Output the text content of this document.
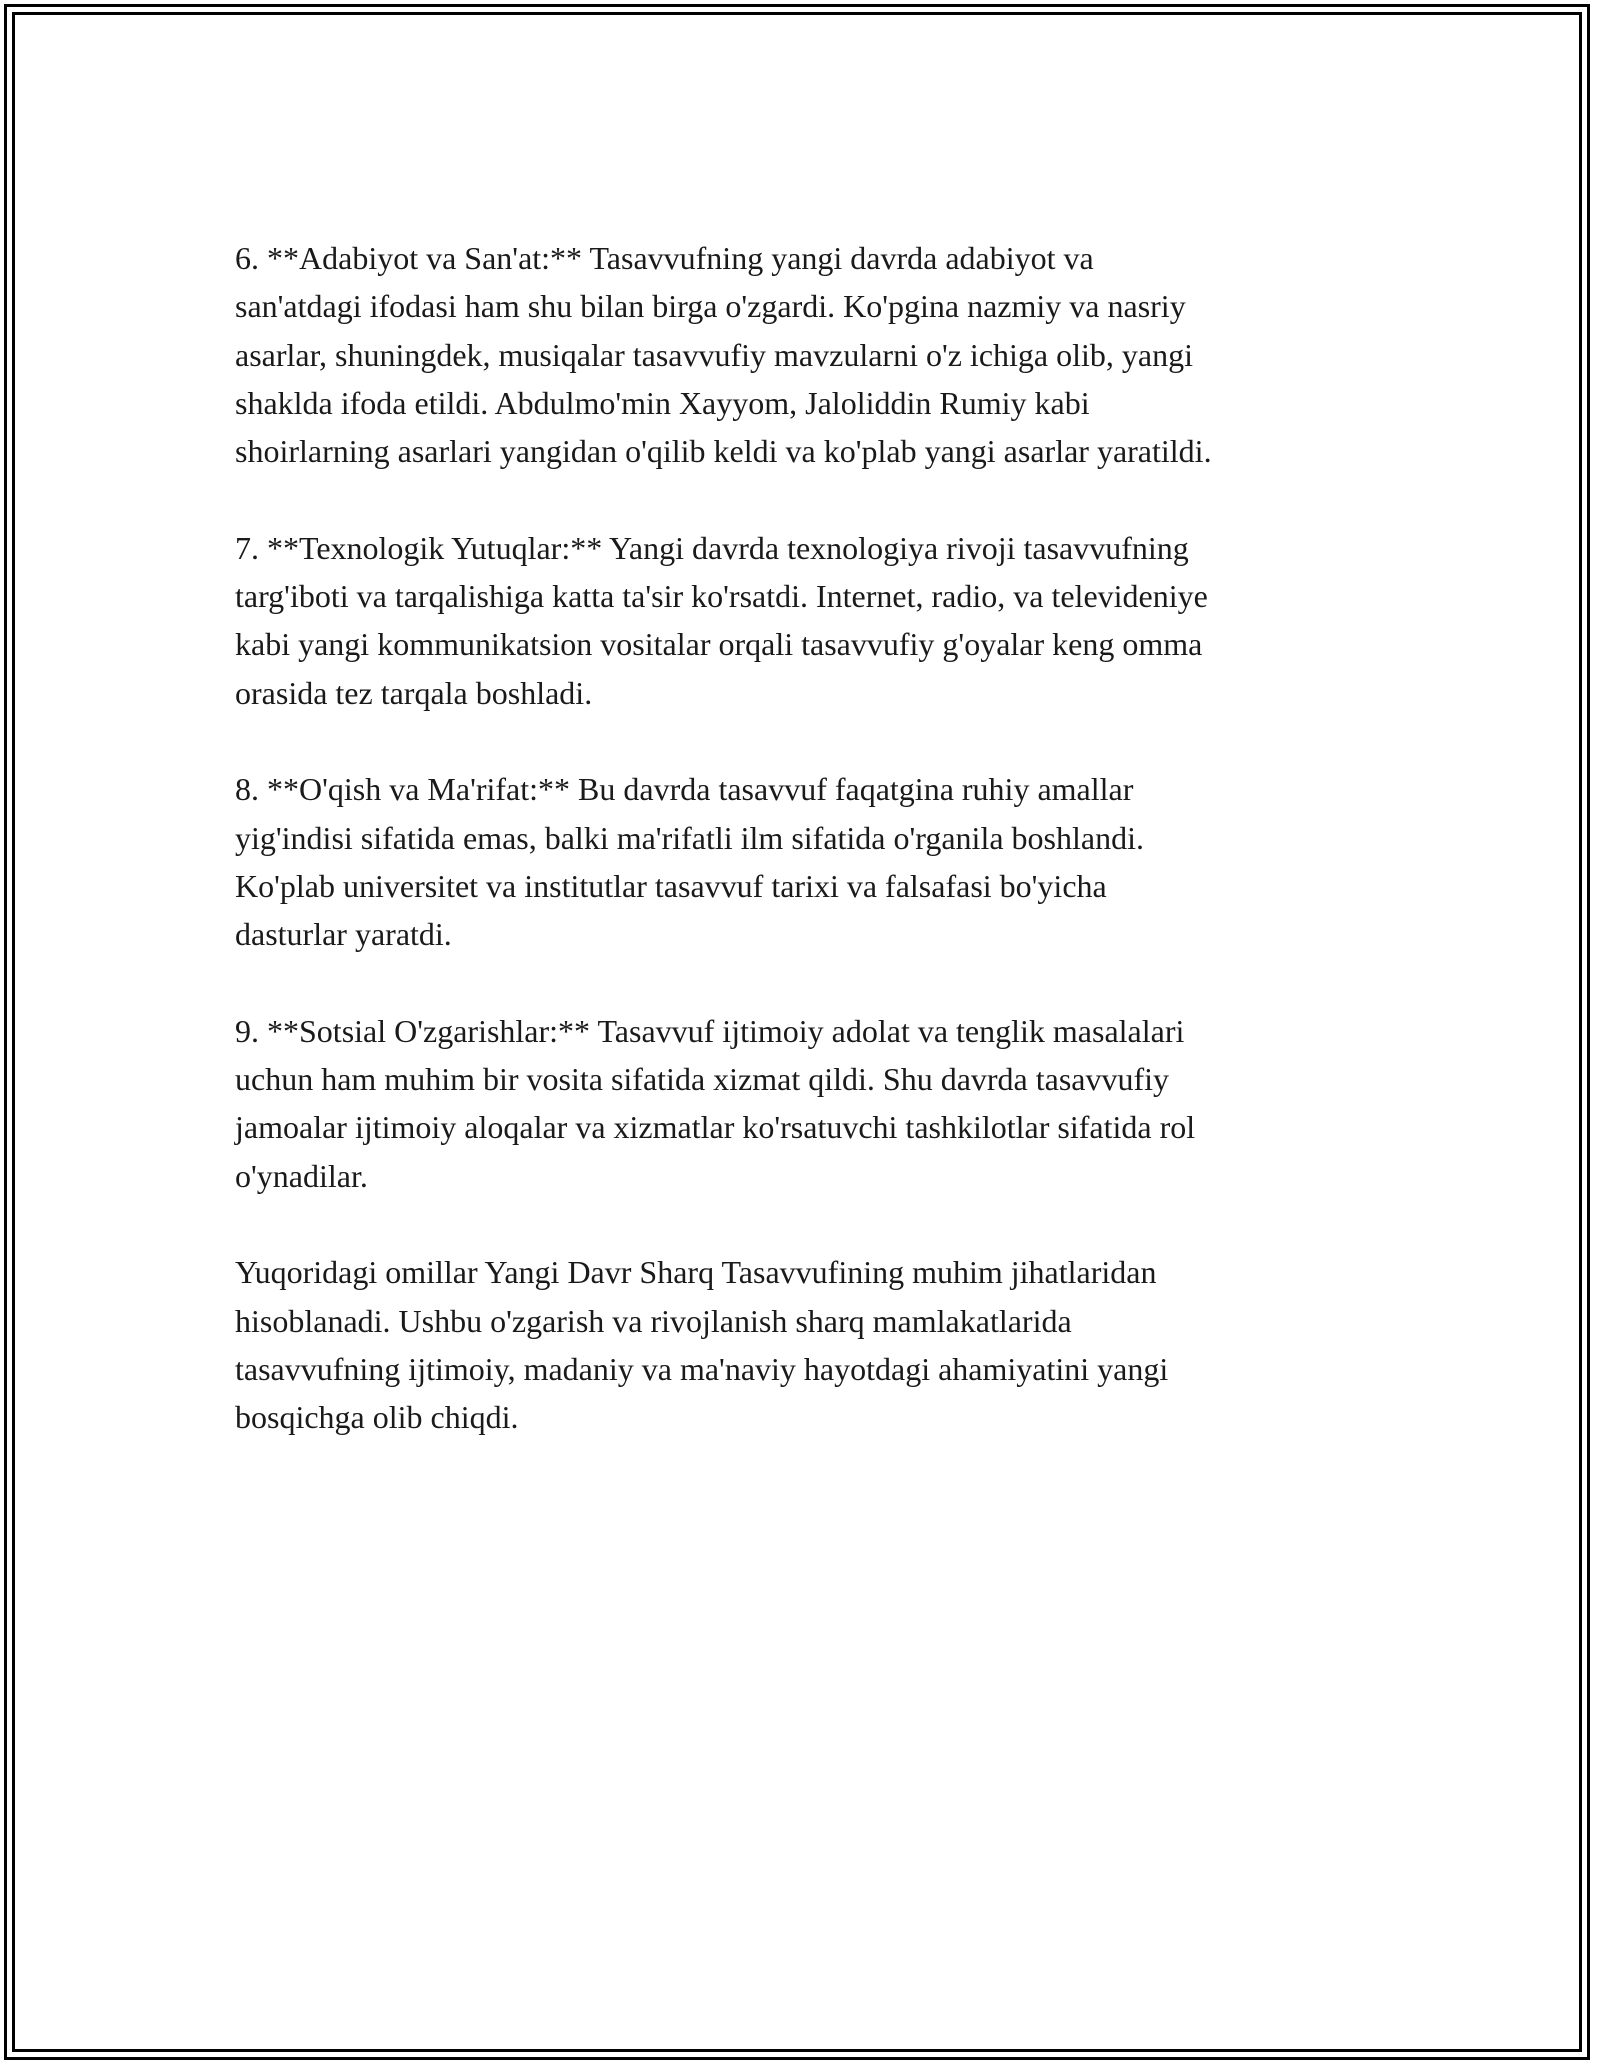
6. **Adabiyot va San'at:** Tasavvufning yangi davrda adabiyot va
san'atdagi ifodasi ham shu bilan birga o'zgardi. Ko'pgina nazmiy va nasriy
asarlar, shuningdek, musiqalar tasavvufiy mavzularni o'z ichiga olib, yangi
shaklda ifoda etildi. Abdulmo'min Xayyom, Jaloliddin Rumiy kabi
shoirlarning asarlari yangidan o'qilib keldi va ko'plab yangi asarlar yaratildi.

7. **Texnologik Yutuqlar:** Yangi davrda texnologiya rivoji tasavvufning
targ'iboti va tarqalishiga katta ta'sir ko'rsatdi. Internet, radio, va televideniye
kabi yangi kommunikatsion vositalar orqali tasavvufiy g'oyalar keng omma
orasida tez tarqala boshladi.

8. **O'qish va Ma'rifat:** Bu davrda tasavvuf faqatgina ruhiy amallar
yig'indisi sifatida emas, balki ma'rifatli ilm sifatida o'rganila boshlandi.
Ko'plab universitet va institutlar tasavvuf tarixi va falsafasi bo'yicha
dasturlar yaratdi.

9. **Sotsial O'zgarishlar:** Tasavvuf ijtimoiy adolat va tenglik masalalari
uchun ham muhim bir vosita sifatida xizmat qildi. Shu davrda tasavvufiy
jamoalar ijtimoiy aloqalar va xizmatlar ko'rsatuvchi tashkilotlar sifatida rol
o'ynadilar.

Yuqoridagi omillar Yangi Davr Sharq Tasavvufining muhim jihatlaridan
hisoblanadi. Ushbu o'zgarish va rivojlanish sharq mamlakatlarida
tasavvufning ijtimoiy, madaniy va ma'naviy hayotdagi ahamiyatini yangi
bosqichga olib chiqdi.
